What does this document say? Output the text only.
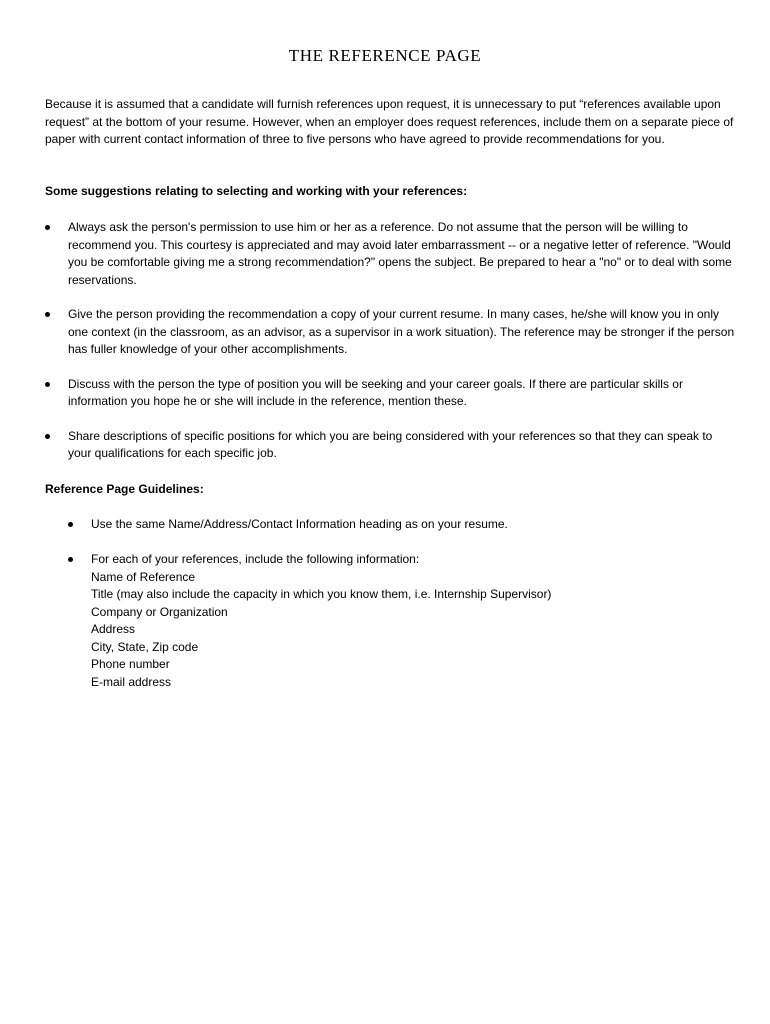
THE REFERENCE PAGE

Because it is assumed that a candidate will furnish references upon request, it is unnecessary to put “references available upon request” at the bottom of your resume. However, when an employer does request references, include them on a separate piece of paper with current contact information of three to five persons who have agreed to provide recommendations for you.

Some suggestions relating to selecting and working with your references:

Always ask the person's permission to use him or her as a reference. Do not assume that the person will be willing to recommend you. This courtesy is appreciated and may avoid later embarrassment -- or a negative letter of reference. "Would you be comfortable giving me a strong recommendation?" opens the subject. Be prepared to hear a "no" or to deal with some reservations.
Give the person providing the recommendation a copy of your current resume. In many cases, he/she will know you in only one context (in the classroom, as an advisor, as a supervisor in a work situation). The reference may be stronger if the person has fuller knowledge of your other accomplishments.
Discuss with the person the type of position you will be seeking and your career goals. If there are particular skills or information you hope he or she will include in the reference, mention these.
Share descriptions of specific positions for which you are being considered with your references so that they can speak to your qualifications for each specific job.

Reference Page Guidelines:

Use the same Name/Address/Contact Information heading as on your resume.
For each of your references, include the following information:
Name of Reference
Title (may also include the capacity in which you know them, i.e. Internship Supervisor)
Company or Organization
Address
City, State, Zip code
Phone number
E-mail address
